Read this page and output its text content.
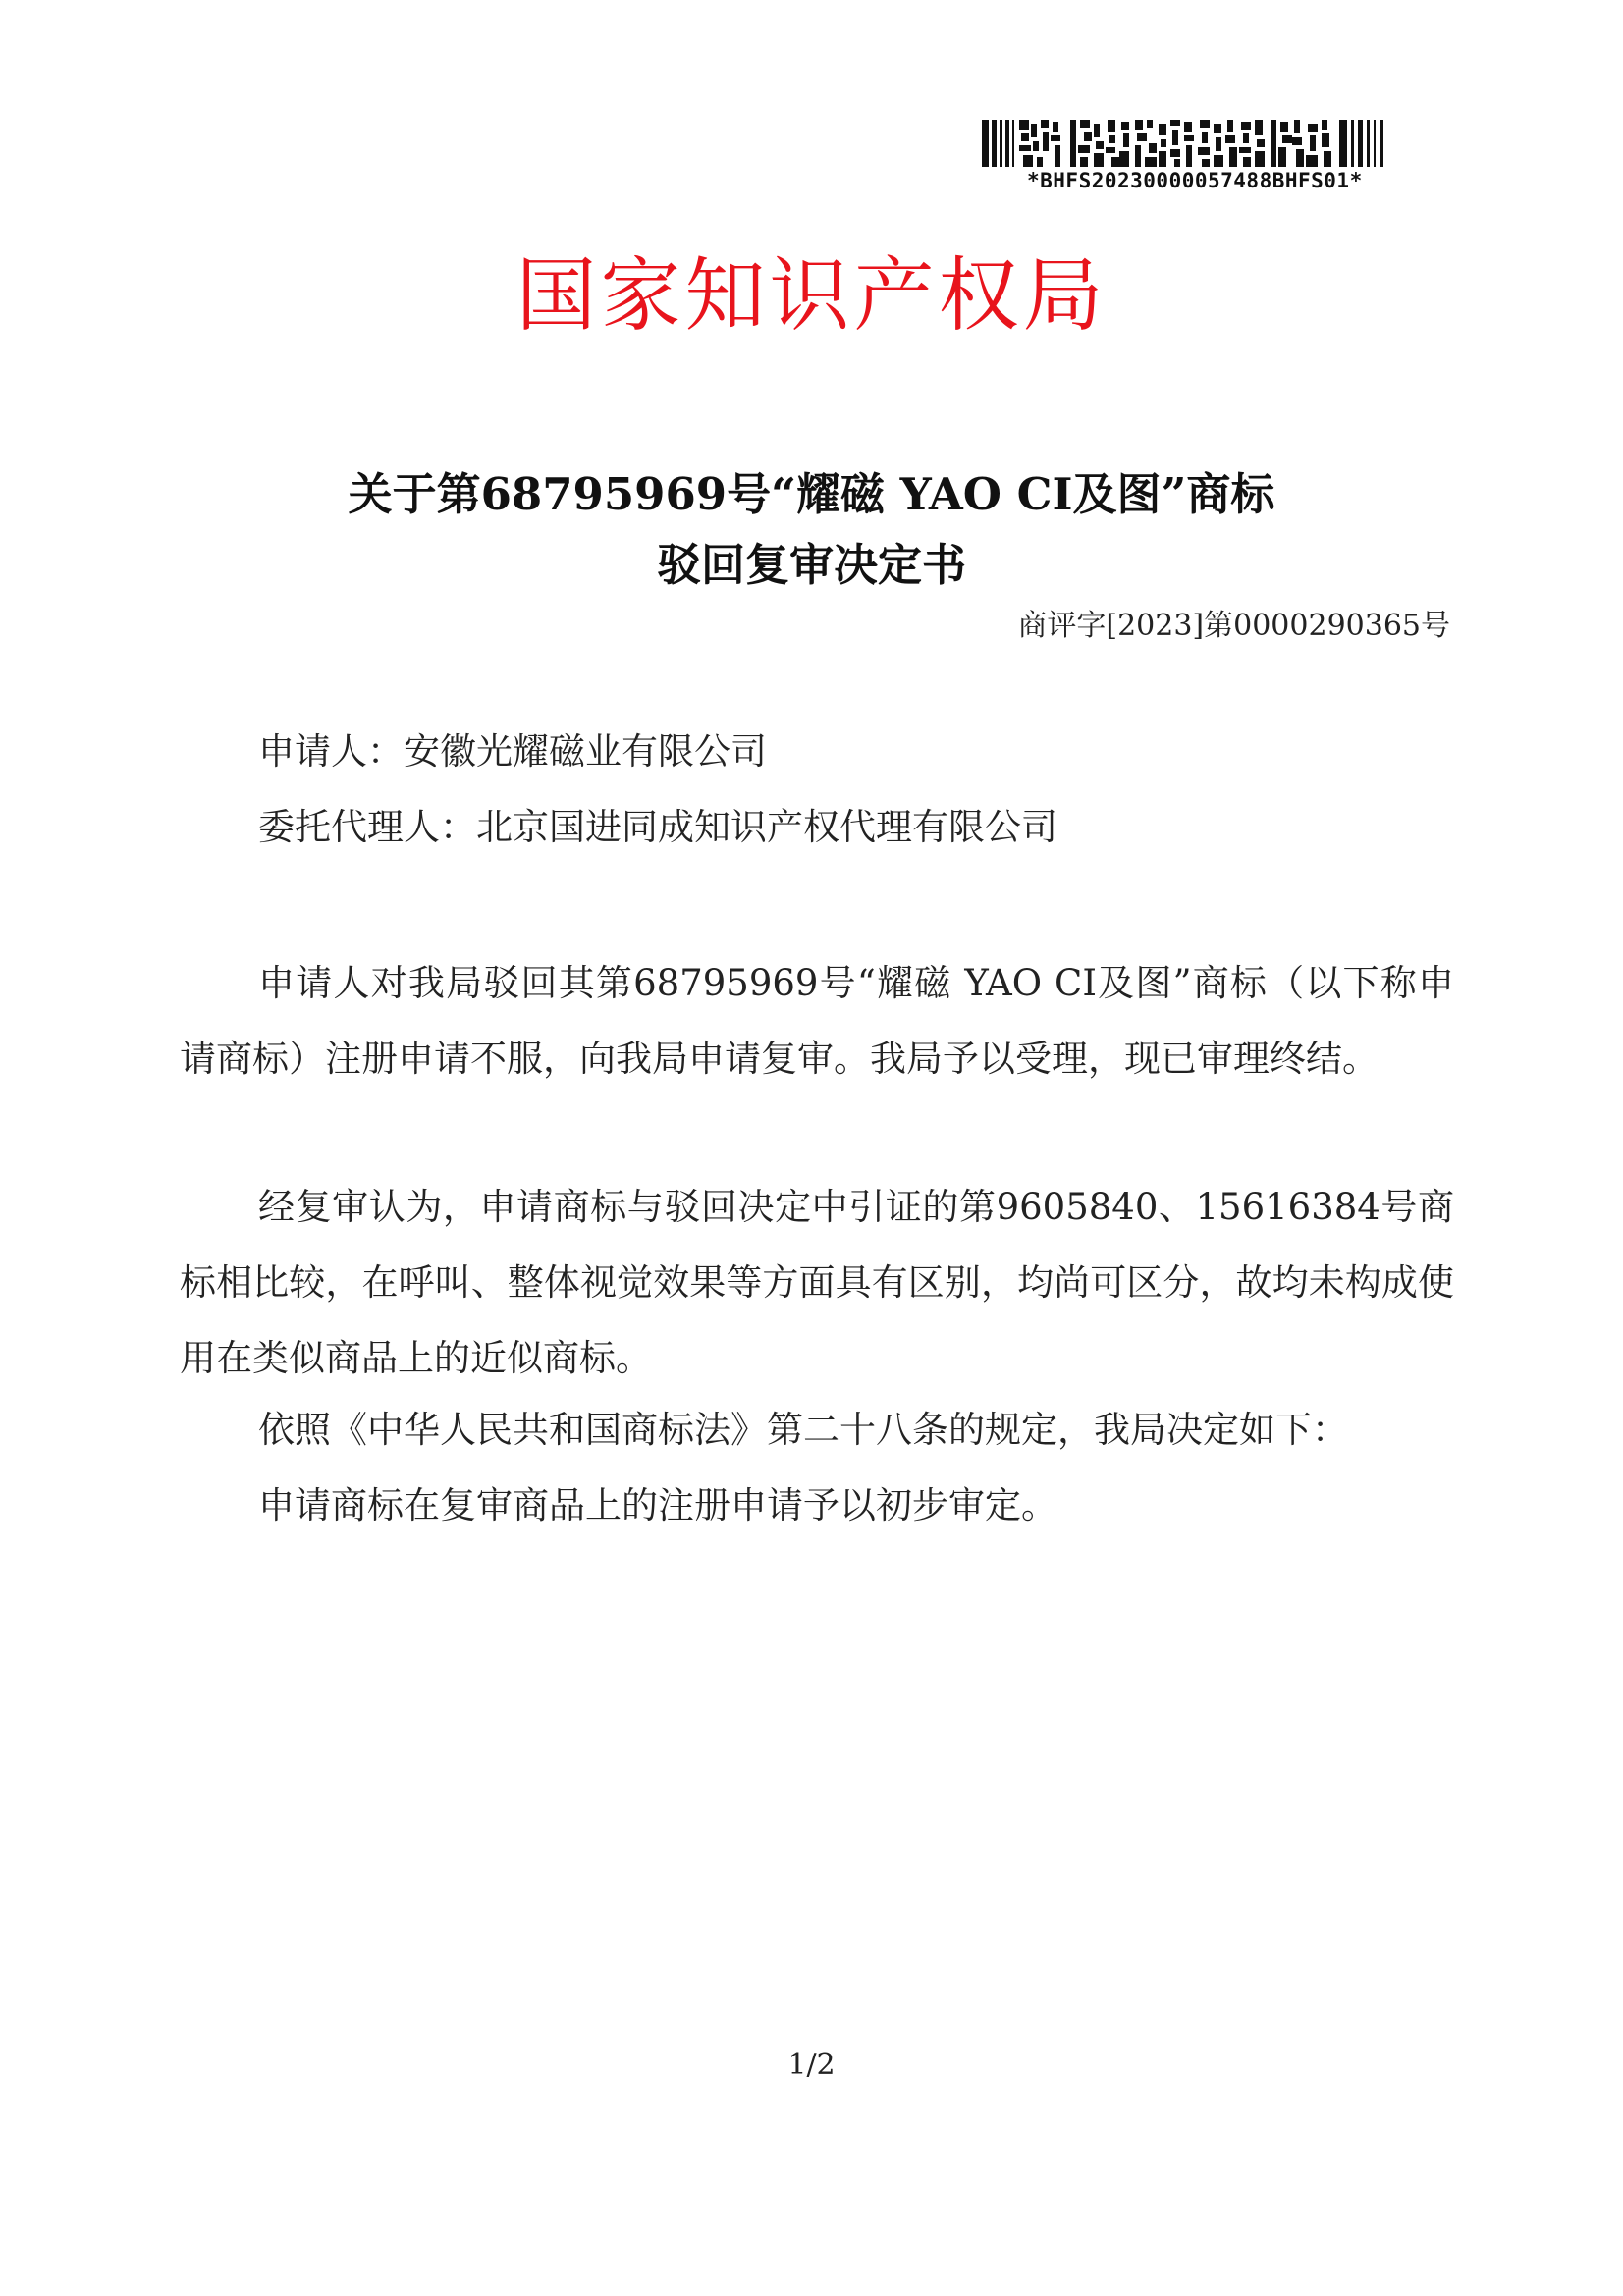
*BHFS20230000057488BHFS01*
国家知识产权局
关于第68795969号“耀磁 YAO CI及图”商标
驳回复审决定书
商评字[2023]第0000290365号
申请人：安徽光耀磁业有限公司
委托代理人：北京国进同成知识产权代理有限公司

申请人对我局驳回其第68795969号“耀磁 YAO CI及图”商标（以下称申请商标）注册申请不服，向我局申请复审。我局予以受理，现已审理终结。

经复审认为，申请商标与驳回决定中引证的第9605840、15616384号商标相比较，在呼叫、整体视觉效果等方面具有区别，均尚可区分，故均未构成使用在类似商品上的近似商标。

依照《中华人民共和国商标法》第二十八条的规定，我局决定如下：

申请商标在复审商品上的注册申请予以初步审定。

1/2
